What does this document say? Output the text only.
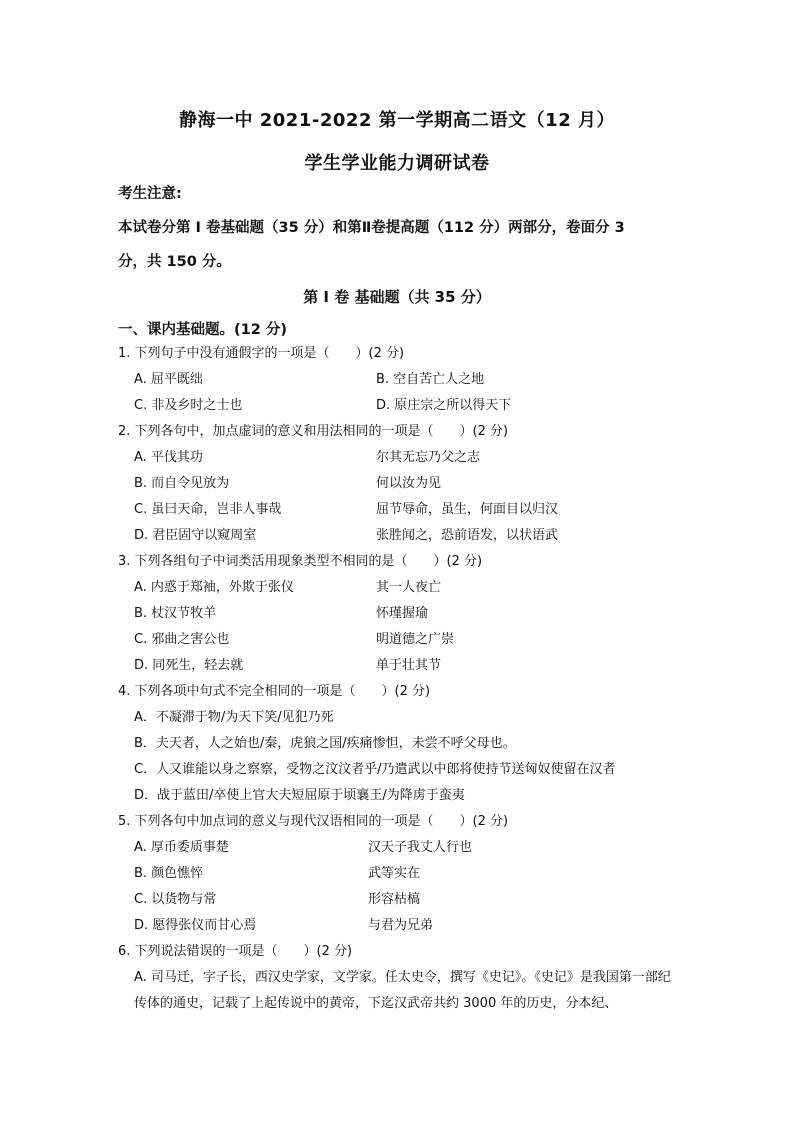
静海一中 2021-2022 第一学期高二语文（12 月）
学生学业能力调研试卷
考生注意:
本试卷分第 I 卷基础题（35 分）和第Ⅱ卷提高题（112 分）两部分，卷面分 3
分，共 150 分。
第 I 卷 基础题（共 35 分）
一、课内基础题。(12 分)
1. 下列句子中没有通假字的一项是（　　）(2 分)
A. 屈平既绌	B. 空自苦亡人之地
C. 非及乡时之士也	D. 原庄宗之所以得天下
2. 下列各句中，加点虚词的意义和用法相同的一项是（　　）(2 分)
A. 平伐其功	尔其无忘乃父之志
B. 而自令见放为	何以汝为见
C. 虽曰天命，岂非人事哉	屈节辱命，虽生，何面目以归汉
D. 君臣固守以窥周室	张胜闻之，恐前语发，以状语武
3. 下列各组句子中词类活用现象类型不相同的是（　　）(2 分)
A. 内惑于郑袖，外欺于张仪	其一人夜亡
B. 杖汉节牧羊	怀瑾握瑜
C. 邪曲之害公也	明道德之广崇
D. 同死生，轻去就	单于壮其节
4. 下列各项中句式不完全相同的一项是（　　）(2 分)
A．不凝滞于物/为天下笑/见犯乃死
B．夫天者，人之始也/秦，虎狼之国/疾痛惨怛，未尝不呼父母也。
C．人又谁能以身之察察，受物之汶汶者乎/乃遣武以中郎将使持节送匈奴使留在汉者
D．战于蓝田/卒使上官大夫短屈原于顷襄王/为降虏于蛮夷
5. 下列各句中加点词的意义与现代汉语相同的一项是（　　）(2 分)
A. 厚币委质事楚	汉天子我丈人行也
B. 颜色憔悴	武等实在
C. 以货物与常	形容枯槁
D. 愿得张仪而甘心焉	与君为兄弟
6. 下列说法错误的一项是（　　）(2 分)
A. 司马迁，字子长，西汉史学家，文学家。任太史令，撰写《史记》。《史记》是我国第一部纪传体的通史，记载了上起传说中的黄帝，下迄汉武帝共约 3000 年的历史，分本纪、
